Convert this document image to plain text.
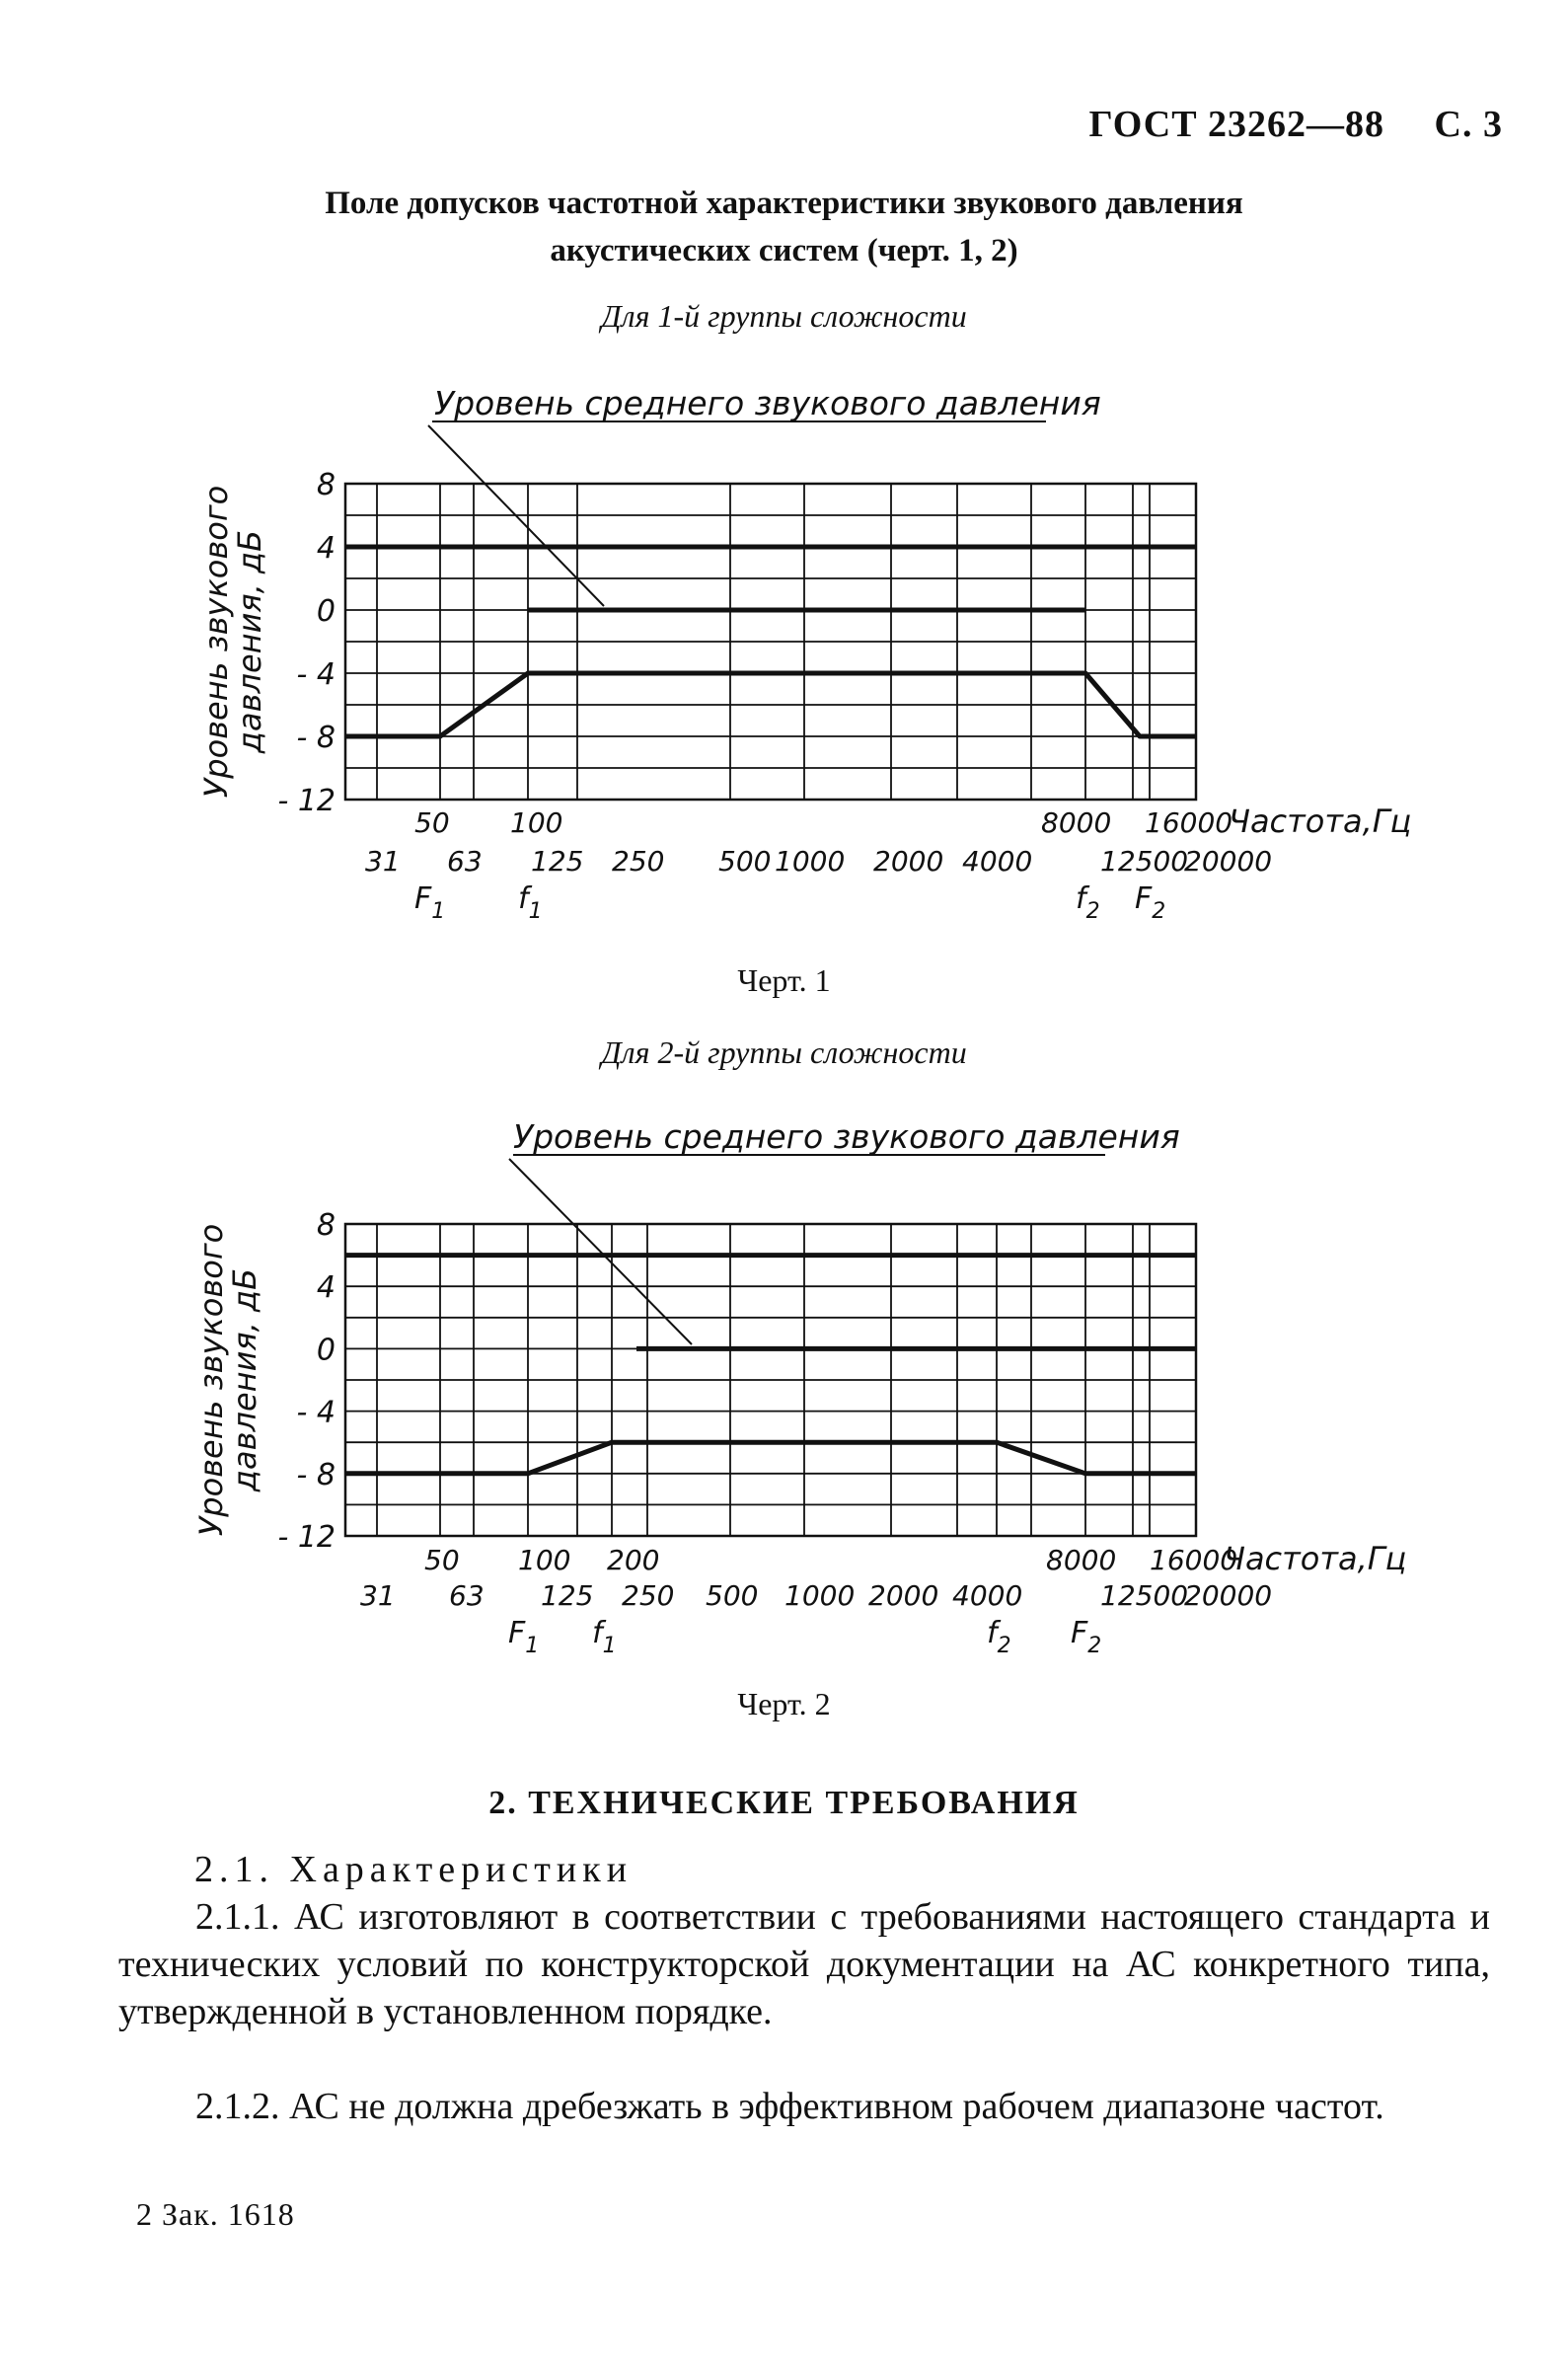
ГОСТ 23262—88 С. 3
Поле допусков частотной характеристики звукового давления
акустических систем (черт. 1, 2)
Для 1-й группы сложности
Черт. 1
Для 2-й группы сложности
Черт. 2
8
4
0
- 4
- 8
- 12
Уровень среднего звукового давления
50 100	8000 16000
31 63 125 250 500 1000 2000 4000 12500
20000
Частота,Гц
$F_1$ $f_1$	$f_2$ $F_2$
Уровень звукового
давления, дБ
8
4
0
- 4
- 8
- 12
Уровень среднего звукового давления
50 100 200	8000 16000
31 63 125 250 500 1000 2000 4000	12500
20000
Частота,Гц
$F_1$ $f_1$	$f_2$ $F_2$
Уровень звукового
давления, дБ
2. ТЕХНИЧЕСКИЕ ТРЕБОВАНИЯ
2.1. Характеристики
2.1.1. АС изготовляют в соответствии с требованиями настоящего стандарта и технических условий по конструкторской документации на АС конкретного типа, утвержденной в установленном порядке.
2.1.2. АС не должна дребезжать в эффективном рабочем диапазоне частот.
2 Зак. 1618
